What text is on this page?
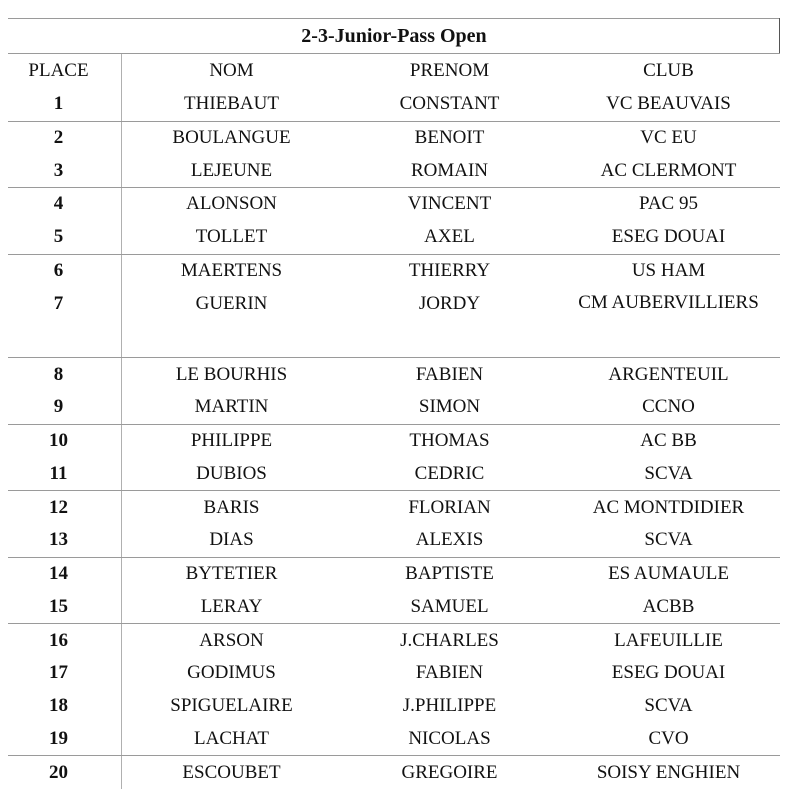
2-3-Junior-Pass Open
PLACE	NOM	PRENOM	CLUB
1	THIEBAUT	CONSTANT	VC BEAUVAIS
2	BOULANGUE	BENOIT	VC EU
3	LEJEUNE	ROMAIN	AC CLERMONT
4	ALONSON	VINCENT	PAC 95
5	TOLLET	AXEL	ESEG DOUAI
6	MAERTENS	THIERRY	US HAM
7	GUERIN	JORDY	CM AUBERVILLIERS
8	LE BOURHIS	FABIEN	ARGENTEUIL
9	MARTIN	SIMON	CCNO
10	PHILIPPE	THOMAS	AC BB
11	DUBIOS	CEDRIC	SCVA
12	BARIS	FLORIAN	AC MONTDIDIER
13	DIAS	ALEXIS	SCVA
14	BYTETIER	BAPTISTE	ES AUMAULE
15	LERAY	SAMUEL	ACBB
16	ARSON	J.CHARLES	LAFEUILLIE
17	GODIMUS	FABIEN	ESEG DOUAI
18	SPIGUELAIRE	J.PHILIPPE	SCVA
19	LACHAT	NICOLAS	CVO
20	ESCOUBET	GREGOIRE	SOISY ENGHIEN
